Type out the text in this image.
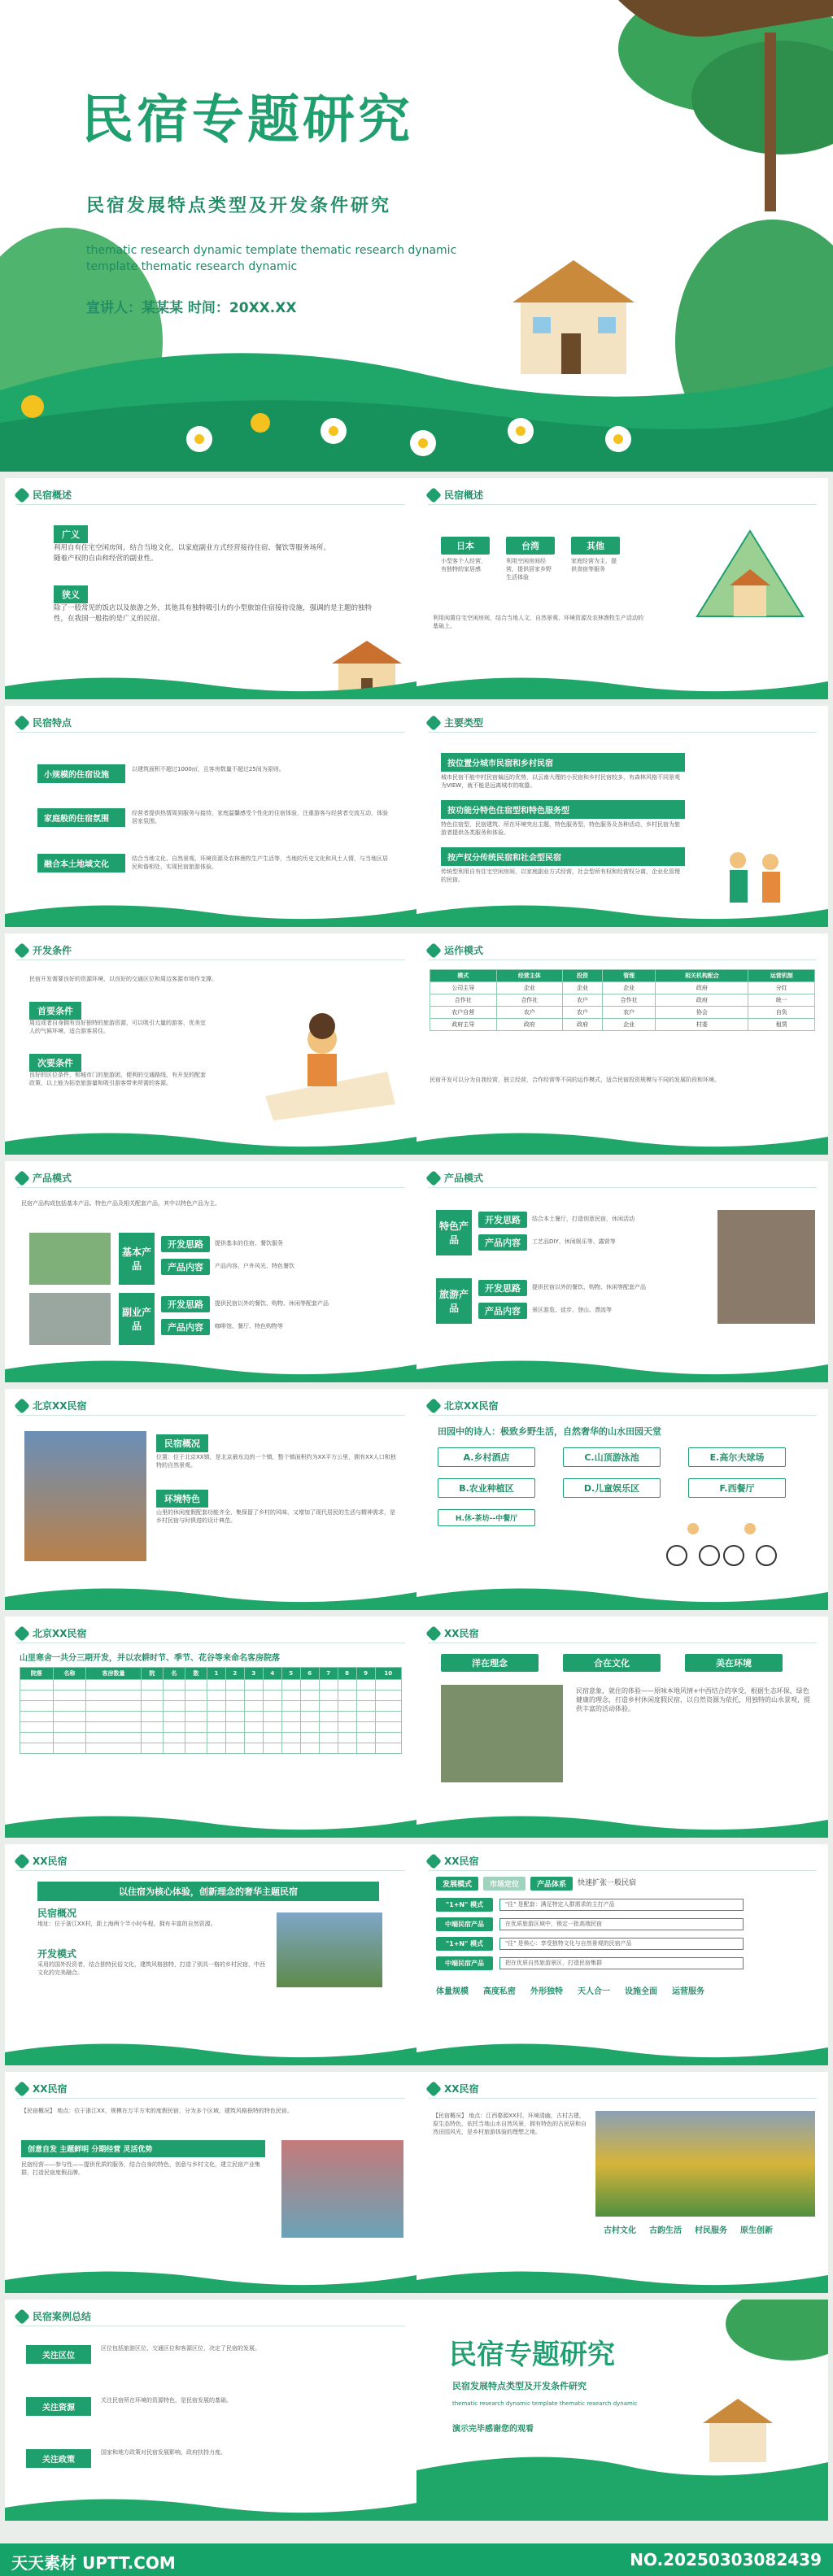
民宿专题研究
民宿发展特点类型及开发条件研究
thematic research dynamic template thematic research dynamic
template thematic research dynamic
宣讲人：某某某 时间：20XX.XX
民宿概述
广义
利用自有住宅空闲房间，结合当地文化，以家庭副业方式经营接待住宿、餐饮等服务场所。随着产权的自由和经营的副业性。
狭义
除了一般常见的饭店以及旅游之外，其他具有独特吸引力的小型旅馆住宿接待设施，强调的是主题的独特性，在我国一般指的是广义的民宿。
民宿概述
日本
小型客个人经营，有独特的家居感
台湾
利用空闲房间经营，提供居家乡野生活体验
其他
家庭经营为主，提供食宿等服务
利用闲置住宅空闲房间，结合当地人文、自然景观、环境资源及农林渔牧生产活动的基础上。
民宿特点
小规模的住宿设施
以建筑面积不超过1000㎡，且客房数量不超过25间为原则。
家庭般的住宿氛围
经营者提供热情周到服务与接待，家庭温馨感受个性化的住宿体验，注重游客与经营者交流互动，体验居家氛围。
融合本土地域文化
结合当地文化、自然景观、环境资源及农林渔牧生产生活等，当地的历史文化和风土人情，与当地区居民和谐相处，实现民宿旅游体验。
主要类型
按位置分城市民宿和乡村民宿
城市民宿不能中村民宿偏远的优势，以云南大理的小民宿和乡村民宿较多，有森林风格不同景观为VIEW，就不能是远离城市的喧嚣。
按功能分特色住宿型和特色服务型
特色住宿型，民宿建筑、所在环境突出主题，特色服务型，特色服务及各种活动，乡村民宿为旅游者提供各类服务和体验。
按产权分传统民宿和社会型民宿
传统型利用自有住宅空闲房间，以家庭副业方式经营，社会型所有权和经营权分离，企业化管理的民宿。
开发条件
民宿开发需要良好的资源环境，以良好的交通区位和周边客源市场作支撑。
首要条件
周边或者自身拥有良好独特的旅游资源，可以吸引大量的游客，优美宜人的气候环境，适合游客居住。
次要条件
良好的区位条件，和城市门的旅游团，便利的交通路线，有开发的配套政策，以上能为拓宽旅游量和吸引游客带来所需的客源。
运作模式
模式	经营主体	投资	管理	相关机构配合	运营机制
公司主导	企业	企业	企业	政府	分红
合作社	合作社	农户	合作社	政府	统一
农户自营	农户	农户	农户	协会	自负
政府主导	政府	政府	企业	村委	租赁
民宿开发可以分为自我经营，独立经营，合作经营等不同的运作模式，适合民宿投资规模与不同的发展阶段和环境。
产品模式
民宿产品构成包括基本产品、特色产品及相关配套产品，其中以特色产品为主。
基本产品
开发思路	提供基本的住宿、餐饮服务
产品内容	产品内容，户外风光、特色餐饮
副业产品
开发思路	提供民宿以外的餐饮、购物、休闲等配套产品
产品内容	咖啡馆、餐厅、特色购物等
产品模式
特色产品
开发思路	结合本土餐厅，打造创意民宿，休闲活动
产品内容	工艺品DIY、休闲娱乐等、露营等
旅游产品
开发思路	提供民宿以外的餐饮、购物、休闲等配套产品
产品内容	景区游览、徒步、登山、漂流等
北京XX民宿
民宿概况
位置：位于北京XX镇，是北京最东边的一个镇，整个镇面积约为XX平方公里，拥有XX人口和独特的自然景观。
环境特色
山里的休闲度假配套功能齐全，集保留了乡村的风味，又增加了现代居民的生活与精神需求，是乡村民宿与时俱进的设计典范。
北京XX民宿
田园中的诗人：极致乡野生活，自然奢华的山水田园天堂
A.乡村酒店	C.山顶游泳池	E.高尔夫球场
B.农业种植区	D.儿童娱乐区	F.西餐厅
H.休-茶坊--中餐厅
北京XX民宿
山里寒舍一共分三期开发，并以农耕时节、季节、花谷等来命名客房院落
院落	名称	客房数量	院	名	数	1	2	3	4	5	6	7	8	9	10

XX民宿
洋在理念	合在文化	美在环境
民宿意象，就住的体验——原味本地风情+中西结合的享受，根据生态环保，绿色健康的理念，打造乡村休闲度假民宿，以自然资源为依托，用独特的山水景观，提供丰富的活动体验。
XX民宿
以住宿为核心体验，创新理念的奢华主题民宿
民宿概况
地址：位于浙江XX村，距上海两个半小时车程。拥有丰富的自然资源。
开发模式
采用的国外投资者，结合独特民俗文化，建筑风格独特，打造了别具一格的乡村民宿，中西文化的完美融合。
XX民宿
发展模式	市场定位	产品体系	快速扩张一般民宿
"1+N" 模式	"往" 是配套：满足特定人群需求的主打产品
中端民宿产品	在优质旅游区域中，锁定一批高端民宿
"1+N" 模式	"往" 是核心：享受独特文化与自然景观的民宿产品
中端民宿产品	把在优质自然旅游景区，打造民宿集群
体量规模 高度私密 外形独特 天人合一 设施全面 运营服务
XX民宿
【民宿概况】 地点：位于浙江XX，规模在万平方米的度假民宿，分为多个区域，建筑风格独特的特色民宿。
创意自发 主题鲜明 分期经营 灵活优势
民宿经营——参与性——提供优质的服务，结合自身的特色，创意与乡村文化，建立民宿产业集群，打造民宿度假品牌。
XX民宿
【民宿概况】 地点：江西婺源XX村，环境清幽，古村古建，原生态特色，依托当地山水自然风景，拥有特色的古民居和自然田园风光，是乡村旅游体验的理想之地。
古村文化 古韵生活 村民服务 原生创新
民宿案例总结
关注区位
区位包括旅游区位、交通区位和客源区位，决定了民宿的发展。
关注资源
关注民宿所在环境的资源特色，是民宿发展的基础。
关注政策
国家和地方政策对民宿发展影响，政府扶持力度。
民宿专题研究
民宿发展特点类型及开发条件研究
thematic research dynamic template thematic research dynamic
演示完毕感谢您的观看
天天素材 UPTT.COM	NO.20250303082439
